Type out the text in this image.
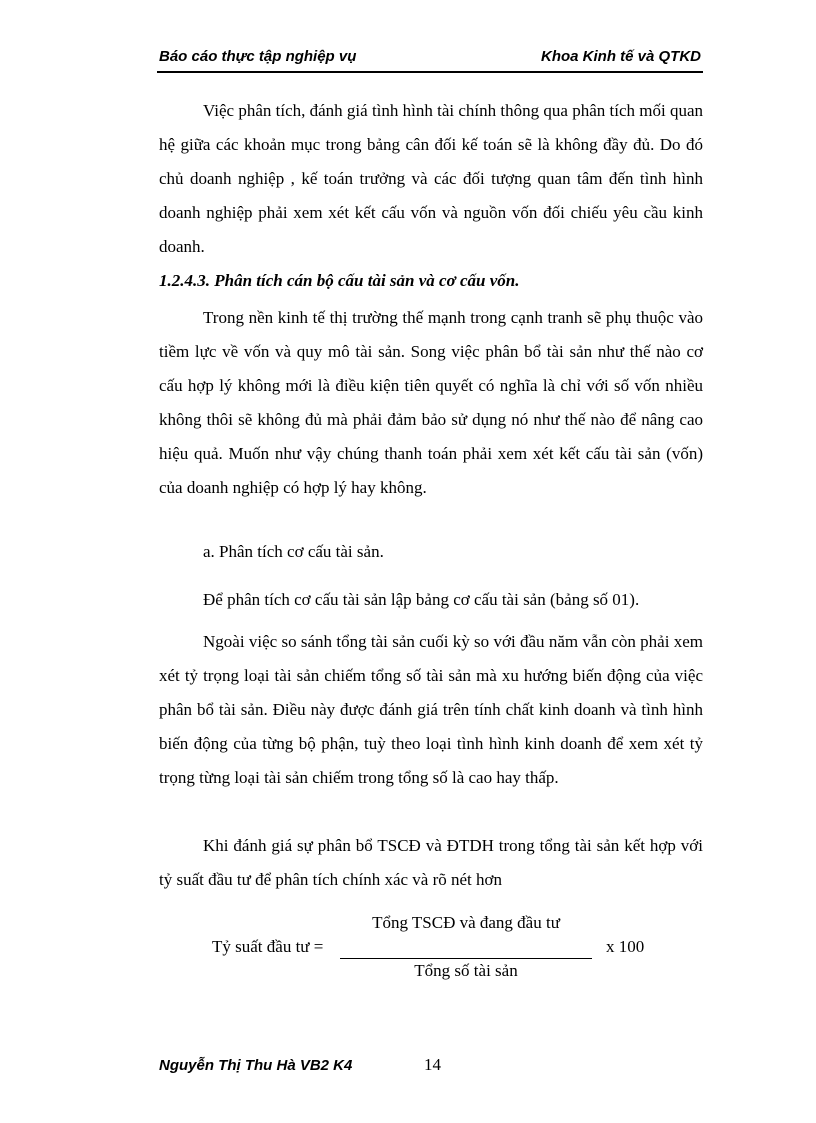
Báo cáo thực tập nghiệp vụ	Khoa Kinh tế và QTKD

Việc phân tích, đánh giá tình hình tài chính thông qua phân tích mối quan hệ giữa các khoản mục trong bảng cân đối kế toán sẽ là không đầy đủ. Do đó chủ doanh nghiệp , kế toán trưởng và các đối tượng quan tâm đến tình hình doanh nghiệp phải xem xét kết cấu vốn và nguồn vốn đối chiếu yêu cầu kinh doanh.

1.2.4.3. Phân tích cán bộ cấu tài sản và cơ cấu vốn.

Trong nền kinh tế thị trường thế mạnh trong cạnh tranh sẽ phụ thuộc vào tiềm lực về vốn và quy mô tài sản. Song việc phân bổ tài sản như thế nào cơ cấu hợp lý không mới là điều kiện tiên quyết có nghĩa là chỉ với số vốn nhiều không thôi sẽ không đủ mà phải đảm bảo sử dụng nó như thế nào để nâng cao hiệu quả. Muốn như vậy chúng thanh toán phải xem xét kết cấu tài sản (vốn) của doanh nghiệp có hợp lý hay không.

a. Phân tích cơ cấu tài sản.

Để phân tích cơ cấu tài sản lập bảng cơ cấu tài sản (bảng số 01).

Ngoài việc so sánh tổng tài sản cuối kỳ so với đầu năm vẫn còn phải xem xét tỷ trọng loại tài sản chiếm tổng số tài sản mà xu hướng biến động của việc phân bổ tài sản. Điều này được đánh giá trên tính chất kinh doanh và tình hình biến động của từng bộ phận, tuỳ theo loại tình hình kinh doanh để xem xét tỷ trọng từng loại tài sản chiếm trong tổng số là cao hay thấp.

Khi đánh giá sự phân bổ TSCĐ và ĐTDH trong tổng tài sản kết hợp với tỷ suất đầu tư để phân tích chính xác và rõ nét hơn

Tổng TSCĐ và đang đầu tư
Tỷ suất đầu tư =	x 100
Tổng số tài sản
Nguyễn Thị Thu Hà VB2 K4	14
